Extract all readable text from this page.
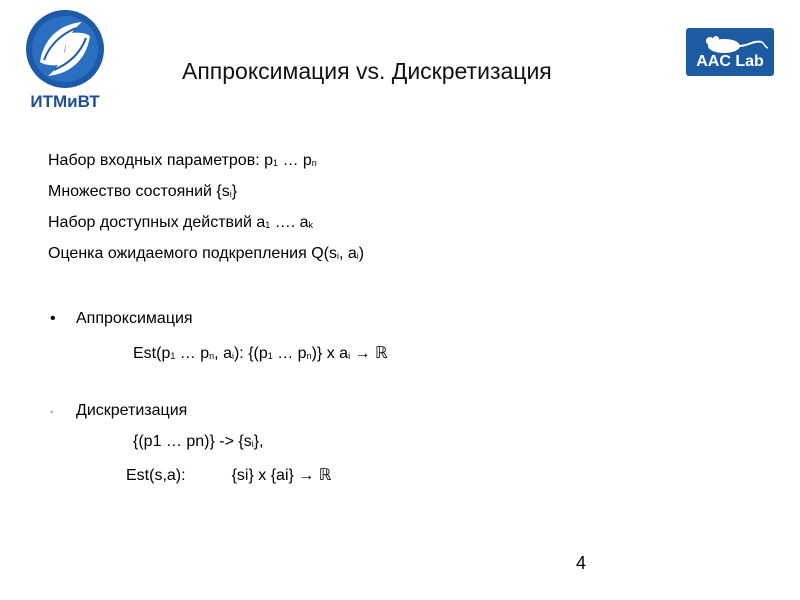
ИТМиВТ
AAC Lab
Аппроксимация vs. Дискретизация
Набор входных параметров: p1 … pn
Множество состояний {si}
Набор доступных действий a1 …. ak
Оценка ожидаемого подкрепления Q(si, ai)
• Аппроксимация
Est(p1 … pn, ai): {(p1 … pn)} x ai → ℝ
◦ Дискретизация
{(p1 … pn)} -> {si},
Est(s,a):	{si} x {ai} → ℝ
4
